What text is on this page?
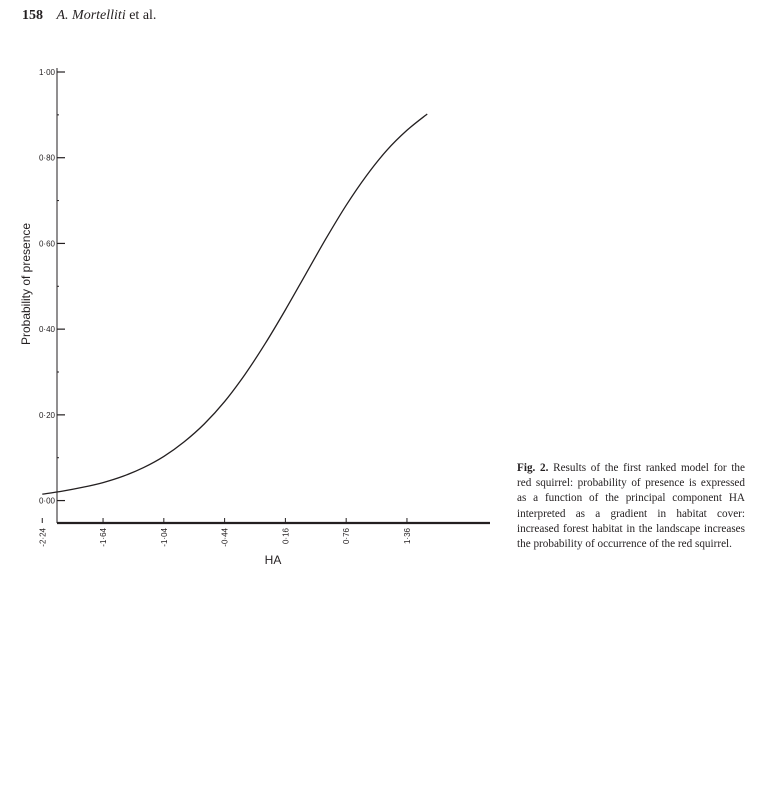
158 A. Mortelliti et al.
0·00
0·20
0·40
0·60
0·80
1·00
-2·24	-1·64	-1·04	-0·44	0·16	0·76	1·36
HA
Probability of presence
Fig. 2. Results of the first ranked model for the red squirrel: probability of presence is expressed as a function of the principal component HA interpreted as a gradient in habitat cover: increased forest habitat in the landscape increases the probability of occurrence of the red squirrel.
